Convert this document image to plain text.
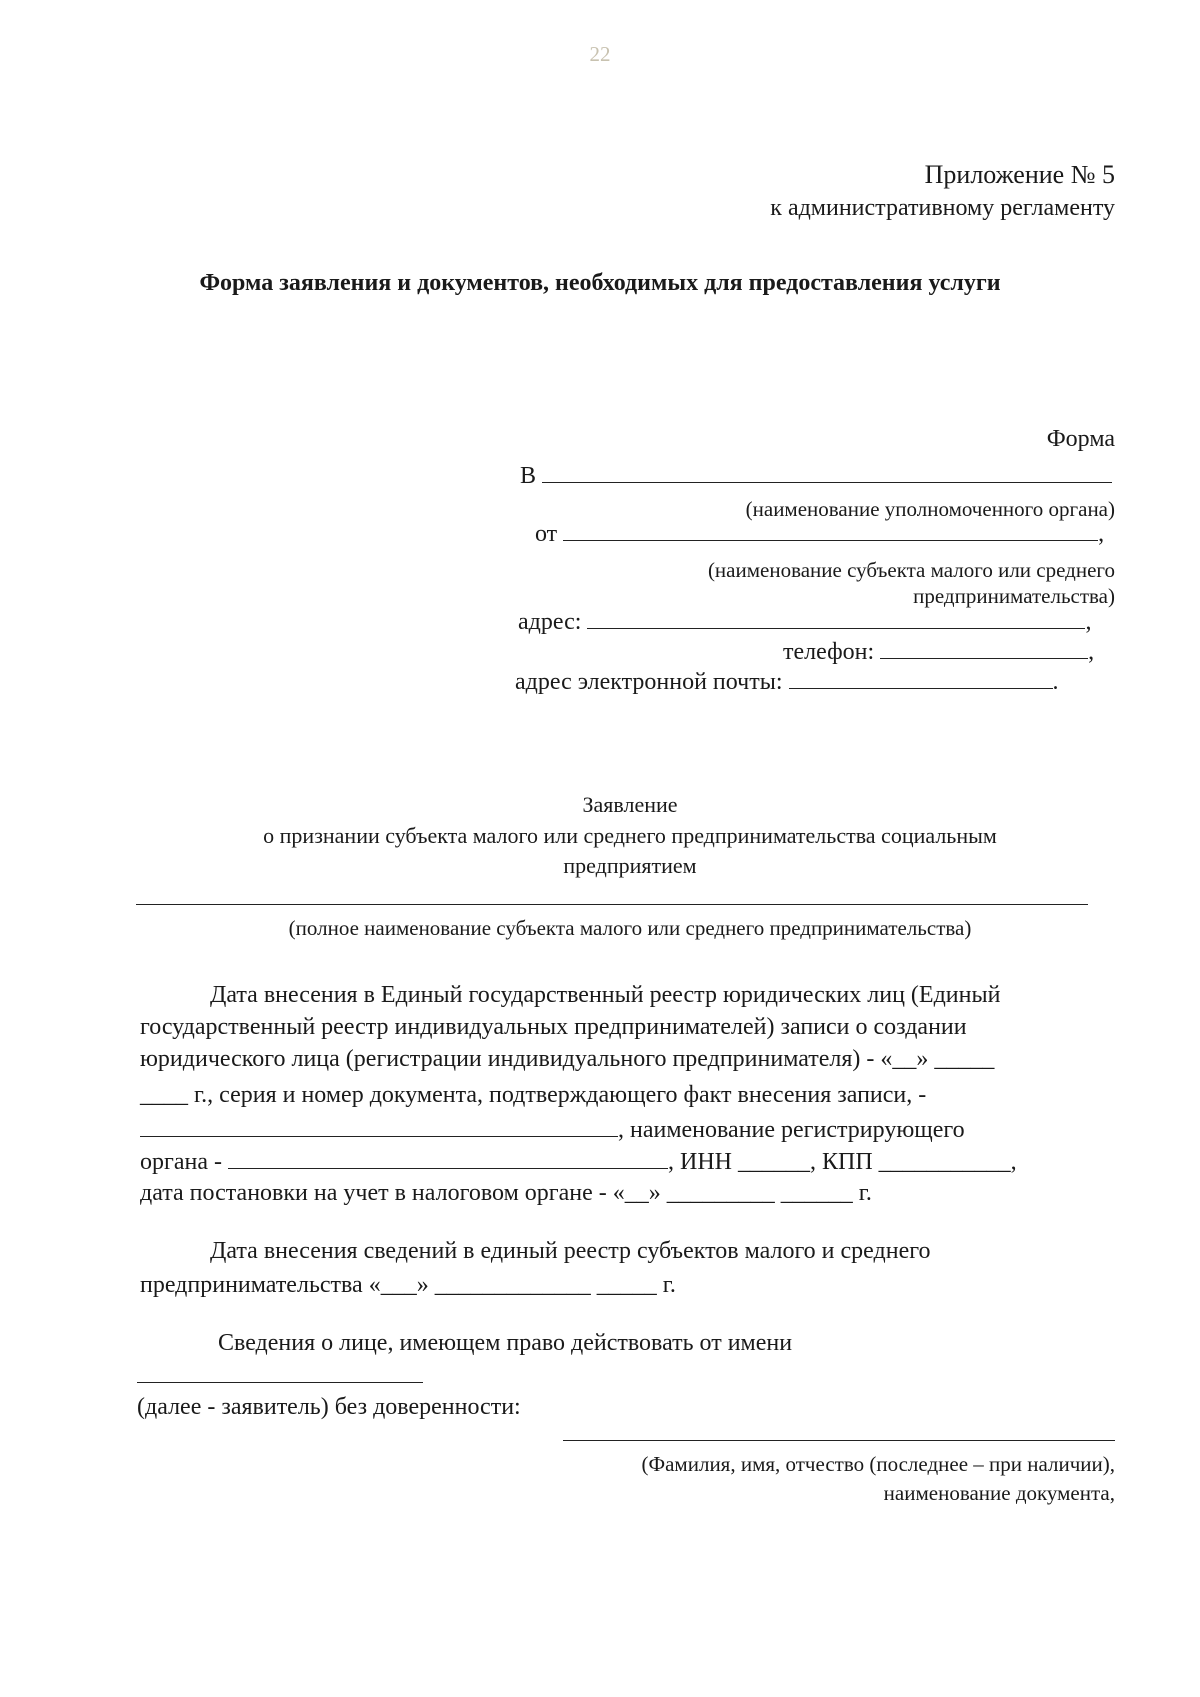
22
Приложение № 5
к административному регламенту
Форма заявления и документов, необходимых для предоставления услуги
Форма
В
(наименование уполномоченного органа)
от	,
(наименование субъекта малого или среднего
предпринимательства)
адрес:	,
телефон:	,
адрес электронной почты:	.
Заявление
о признании субъекта малого или среднего предпринимательства социальным
предприятием
(полное наименование субъекта малого или среднего предпринимательства)
Дата внесения в Единый государственный реестр юридических лиц (Единый
государственный реестр индивидуальных предпринимателей) записи о создании
юридического лица (регистрации индивидуального предпринимателя) - «__» _____
____ г., серия и номер документа, подтверждающего факт внесения записи, -
, наименование регистрирующего
органа -	, ИНН ______, КПП ___________,
дата постановки на учет в налоговом органе - «__» _________ ______ г.
Дата внесения сведений в единый реестр субъектов малого и среднего
предпринимательства «___» _____________ _____ г.
Сведения о лице, имеющем право действовать от имени
(далее - заявитель) без доверенности:
(Фамилия, имя, отчество (последнее – при наличии),
наименование документа,
